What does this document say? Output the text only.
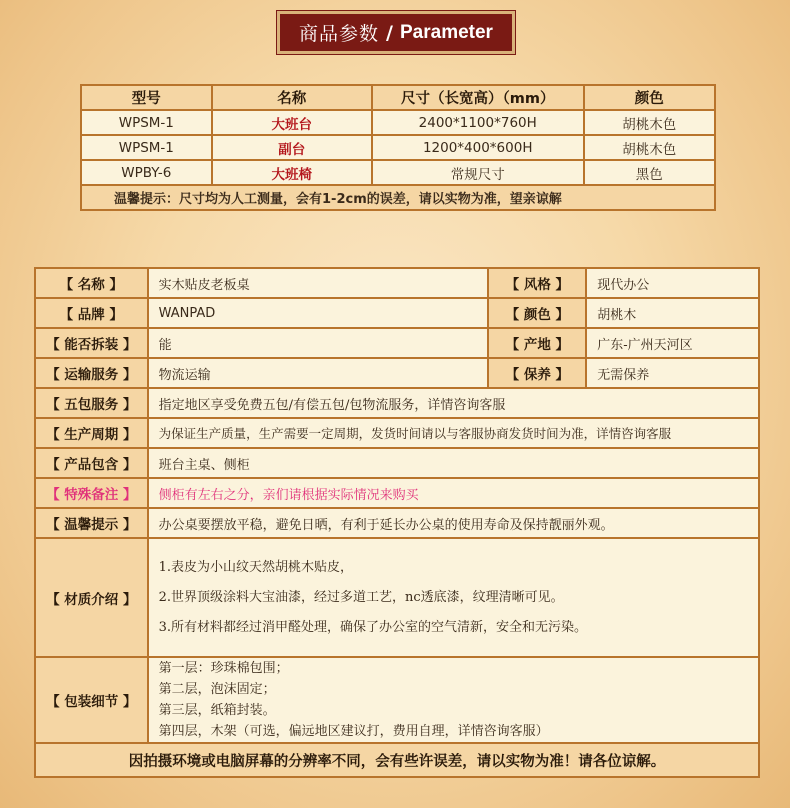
商品参数 / Parameter
型号	名称	尺寸（长宽高）（mm）	颜色
WPSM-1	大班台	2400*1100*760H	胡桃木色
WPSM-1	副台	1200*400*600H	胡桃木色
WPBY-6	大班椅	常规尺寸	黑色
温馨提示：尺寸均为人工测量，会有1-2cm的误差，请以实物为准，望亲谅解			
【 名称 】	实木贴皮老板桌	【 风格 】	现代办公
【 品牌 】	WANPAD	【 颜色 】	胡桃木
【 能否拆装 】	能	【 产地 】	广东-广州天河区
【 运输服务 】	物流运输	【 保养 】	无需保养
【 五包服务 】	指定地区享受免费五包/有偿五包/包物流服务，详情咨询客服		
【 生产周期 】	为保证生产质量，生产需要一定周期，发货时间请以与客服协商发货时间为准，详情咨询客服		
【 产品包含 】	班台主桌、侧柜		
【 特殊备注 】	侧柜有左右之分，亲们请根据实际情况来购买		
【 温馨提示 】	办公桌要摆放平稳，避免日晒，有利于延长办公桌的使用寿命及保持靓丽外观。		
【 材质介绍 】	1.表皮为小山纹天然胡桃木贴皮，

2.世界顶级涂料大宝油漆，经过多道工艺，nc透底漆，纹理清晰可见。

3.所有材料都经过消甲醛处理，确保了办公室的空气清新，安全和无污染。		

【 包装细节 】	第一层：珍珠棉包围；

第二层，泡沫固定；

第三层，纸箱封装。

第四层，木架（可选，偏远地区建议打，费用自理，详情咨询客服）		

因拍摄环境或电脑屏幕的分辨率不同，会有些许误差，请以实物为准！请各位谅解。			
